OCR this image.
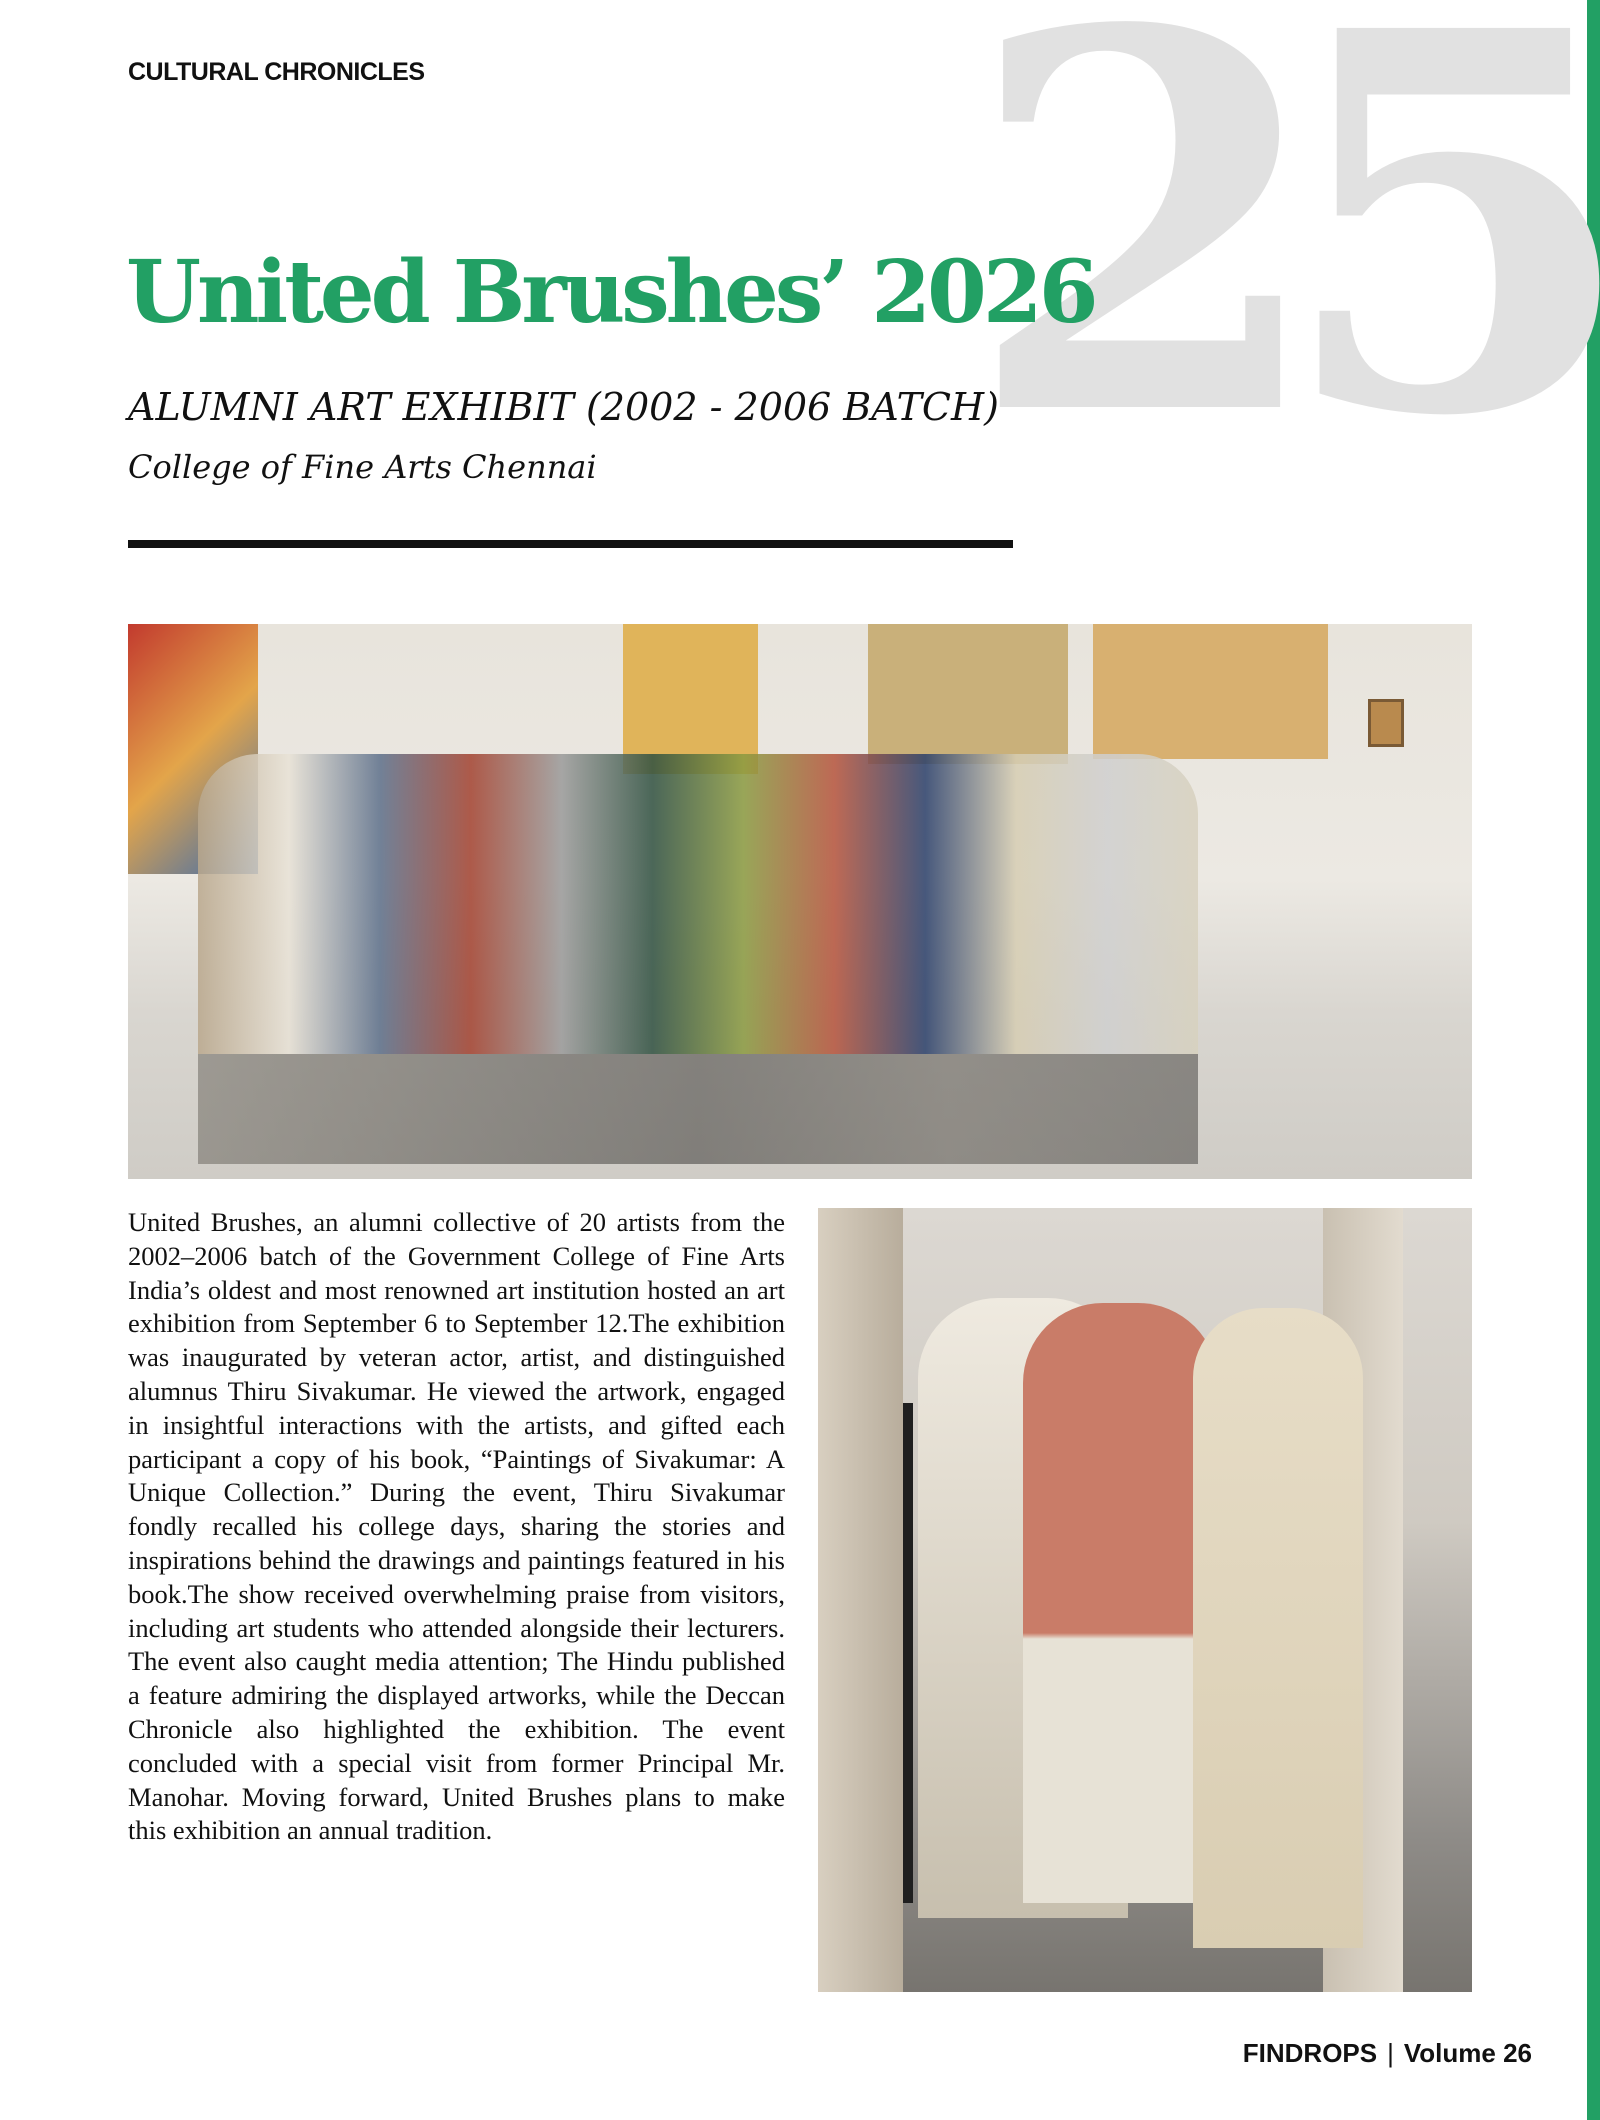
25
CULTURAL CHRONICLES
United Brushes’ 2026
ALUMNI ART EXHIBIT (2002 - 2006 BATCH)
College of Fine Arts Chennai
United Brushes, an alumni collective of 20 artists from the 2002–2006 batch of the Government College of Fine Arts India’s oldest and most renowned art institution hosted an art exhibition from September 6 to September 12.The exhibition was inaugurated by veteran actor, artist, and distinguished alumnus Thiru Sivakumar. He viewed the artwork, engaged in insightful interactions with the artists, and gifted each participant a copy of his book, “Paintings of Sivakumar: A Unique Collection.” During the event, Thiru Sivakumar fondly recalled his college days, sharing the stories and inspirations behind the drawings and paintings featured in his book.The show received overwhelming praise from visitors, including art students who attended alongside their lecturers. The event also caught media attention; The Hindu published a feature admiring the displayed artworks, while the Deccan Chronicle also highlighted the exhibition. The event concluded with a special visit from former Principal Mr. Manohar. Moving forward, United Brushes plans to make this exhibition an annual tradition.
FINDROPS | Volume 26
